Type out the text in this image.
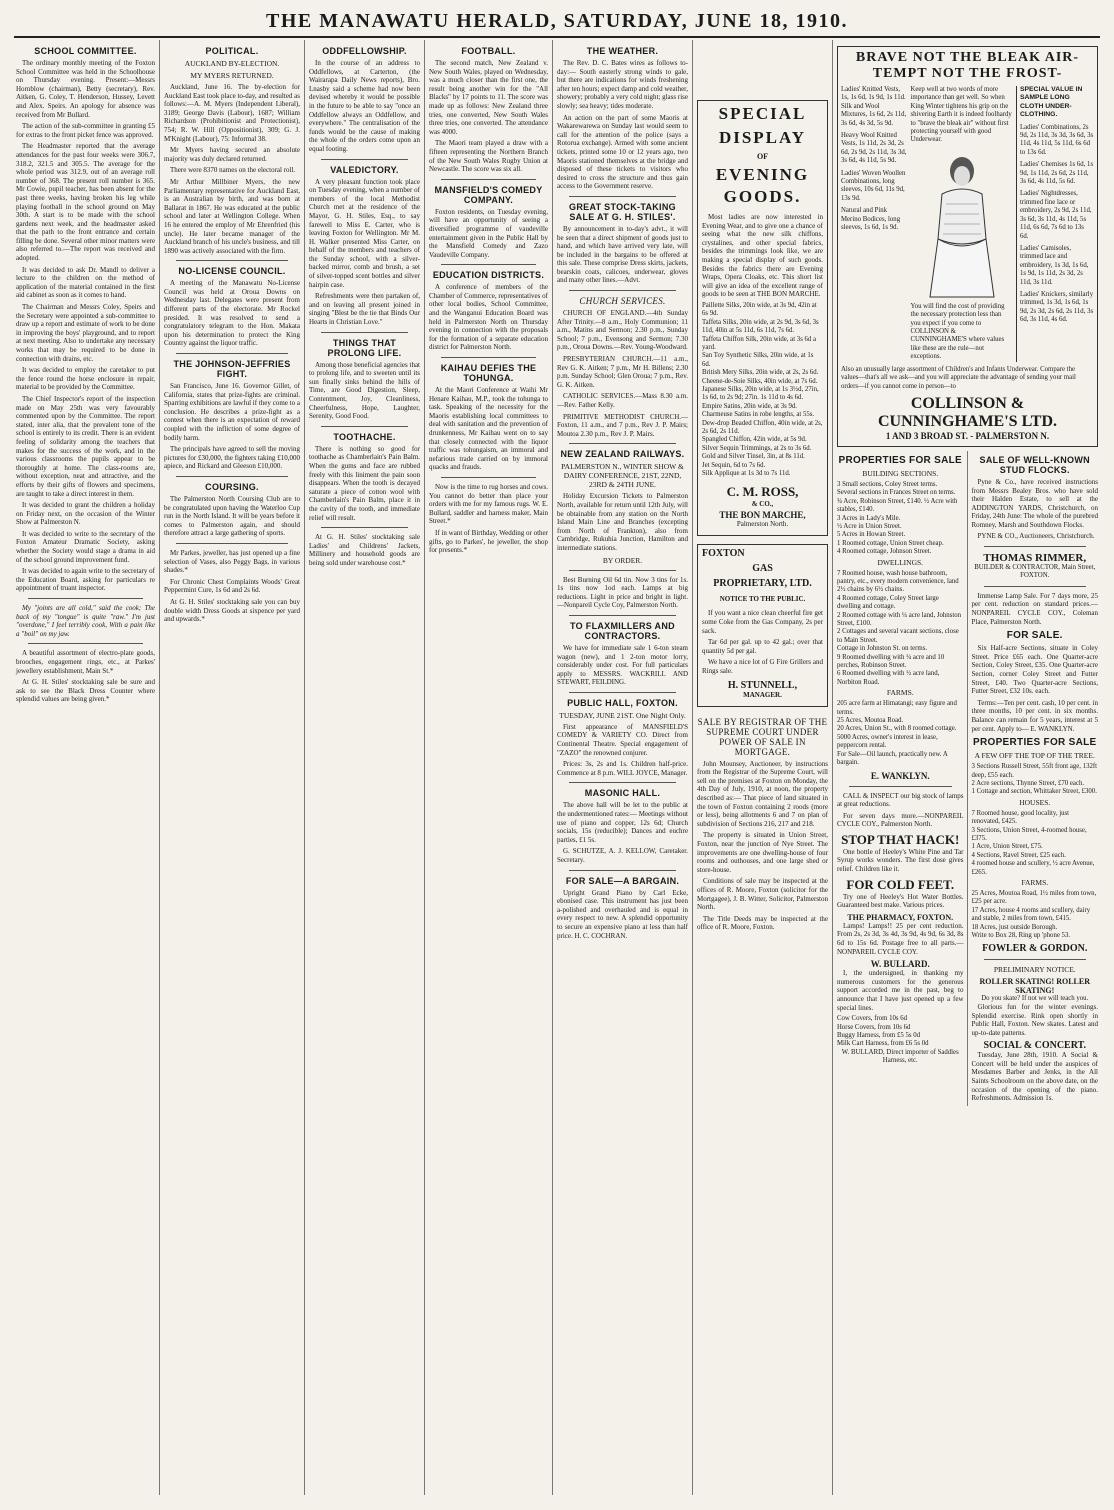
THE MANAWATU HERALD, SATURDAY, JUNE 18, 1910.
SCHOOL COMMITTEE.
The ordinary monthly meeting of the Foxton School Committee was held in the Schoolhouse on Thursday evening. Present:—Messrs Hornblow (chairman), Betty (secretary), Rev. Aitken, G. Coley, T. Henderson, Hussey, Levett and Alex. Speirs. An apology for absence was received from Mr Bullard.
The action of the sub-committee in granting £5 for extras to the front picket fence was approved.
The Headmaster reported that the average attendances for the past four weeks were 306.7, 318.2, 321.5 and 305.5. The average for the whole period was 312.9, out of an average roll number of 368. The present roll number is 365. Mr Cowie, pupil teacher, has been absent for the past three weeks, having broken his leg while playing football in the school ground on May 30th. A start is to be made with the school gardens next week, and the headmaster asked that the path to the front entrance and certain filling be done. Several other minor matters were also referred to.—The report was received and adopted.
It was decided to ask Dr. Mandl to deliver a lecture to the children on the method of application of the material contained in the first aid cabinet as soon as it comes to hand.
The Chairman and Messrs Coley, Speirs and the Secretary were appointed a sub-committee to draw up a report and estimate of work to be done in improving the boys' playground, and to report at next meeting. Also to undertake any necessary works that may be required to be done in connection with drains, etc.
It was decided to employ the caretaker to put the fence round the horse enclosure in repair, material to be provided by the Committee.
The Chief Inspector's report of the inspection made on May 25th was very favourably commented upon by the Committee. The report stated, inter alia, that the prevalent tone of the school is entirely to its credit. There is an evident feeling of solidarity among the teachers that makes for the success of the work, and in the various classrooms the pupils appear to be thoroughly at home. The class-rooms are, without exception, neat and attractive, and the efforts by their gifts of flowers and specimens, are taught to take a direct interest in them.
It was decided to grant the children a holiday on Friday next, on the occasion of the Winter Show at Palmerston N.
It was decided to write to the secretary of the Foxton Amateur Dramatic Society, asking whether the Society would stage a drama in aid of the school ground improvement fund.
It was decided to again write to the secretary of the Education Board, asking for particulars re appointment of truant inspector.
My "joints are all cold," said the cook; The back of my "tongue" is quite "raw." I'm just "overdone," I feel terribly cook, With a pain like a "boil" on my jaw.
A beautiful assortment of electro-plate goods, brooches, engagement rings, etc., at Parkes' jewellery establishment, Main St.*
At G. H. Stiles' stocktaking sale be sure and ask to see the Black Dress Counter where splendid values are being given.*
POLITICAL.
AUCKLAND BY-ELECTION.
MY MYERS RETURNED.
Auckland, June 16. The by-election for Auckland East took place to-day, and resulted as follows:—A. M. Myers (Independent Liberal), 3189; George Davis (Labour), 1687; William Richardson (Prohibitionist and Protectionist), 754; R. W. Hill (Oppositionist), 309; G. J. M'Knight (Labour), 75: Informal 38.
Mr Myers having secured an absolute majority was duly declared returned.
There were 8370 names on the electoral roll.
Mr Arthur Millbiner Myers, the new Parliamentary representative for Auckland East, is an Australian by birth, and was born at Ballarat in 1867. He was educated at the public school and later at Wellington College. When 16 he entered the employ of Mr Ehrenfried (his uncle). He later became manager of the Auckland branch of his uncle's business, and till 1890 was actively associated with the firm.
NO-LICENSE COUNCIL.
A meeting of the Manawatu No-License Council was held at Oroua Downs on Wednesday last. Delegates were present from different parts of the electorate. Mr Rockel presided. It was resolved to send a congratulatory telegram to the Hon. Makata upon his determination to protect the King Country against the liquor traffic.
THE JOHNSON-JEFFRIES FIGHT.
San Francisco, June 16. Governor Gillet, of California, states that prize-fights are criminal. Sparring exhibitions are lawful if they come to a conclusion. He describes a prize-fight as a contest when there is an expectation of reward coupled with the infliction of some degree of bodily harm.
The principals have agreed to sell the moving pictures for £30,000, the fighters taking £10,000 apiece, and Rickard and Gleeson £10,000.
COURSING.
The Palmerston North Coursing Club are to be congratulated upon having the Waterloo Cup run in the North Island. It will be years before it comes to Palmerston again, and should therefore attract a large gathering of sports.
Mr Parkes, jeweller, has just opened up a fine selection of Vases, also Peggy Bags, in various shades.*
For Chronic Chest Complaints Woods' Great Peppermint Cure, 1s 6d and 2s 6d.
At G. H. Stiles' stocktaking sale you can buy double width Dress Goods at sixpence per yard and upwards.*
ODDFELLOWSHIP.
In the course of an address to Oddfellows, at Carterton, (the Wairarapa Daily News reports), Bro. Lnasby said a scheme had now been devised whereby it would be possible in the future to be able to say "once an Oddfellow always an Oddfellow, and everywhere." The centralisation of the funds would be the cause of making the whole of the orders come upon an equal footing.
VALEDICTORY.
A very pleasant function took place on Tuesday evening, when a number of members of the local Methodist Church met at the residence of the Mayor, G. H. Stiles, Esq., to say farewell to Miss E. Carter, who is leaving Foxton for Wellington. Mr M. H. Walker presented Miss Carter, on behalf of the members and teachers of the Sunday school, with a silver-backed mirror, comb and brush, a set of silver-topped scent bottles and silver hairpin case.
Refreshments were then partaken of, and on leaving all present joined in singing "Blest be the tie that Binds Our Hearts in Christian Love."
THINGS THAT PROLONG LIFE.
Among those beneficial agencies that to prolong life, and to sweeten until its sun finally sinks behind the hills of Time, are Good Digestion, Sleep, Contentment, Joy, Cleanliness, Cheerfulness, Hope, Laughter, Serenity, Good Food.
TOOTHACHE.
There is nothing so good for toothache as Chamberlain's Pain Balm. When the gums and face are rubbed freely with this liniment the pain soon disappears. When the tooth is decayed saturate a piece of cotton wool with Chamberlain's Pain Balm, place it in the cavity of the tooth, and immediate relief will result.
At G. H. Stiles' stocktaking sale Ladies' and Childrens' Jackets, Millinery and household goods are being sold under warehouse cost.*
FOOTBALL.
The second match, New Zealand v. New South Wales, played on Wednesday, was a much closer than the first one, the result being another win for the "All Blacks" by 17 points to 11. The score was made up as follows: New Zealand three tries, one converted, New South Wales three tries, one converted. The attendance was 4000.
The Maori team played a draw with a fifteen representing the Northern Branch of the New South Wales Rugby Union at Newcastle. The score was six all.
MANSFIELD'S COMEDY COMPANY.
Foxton residents, on Tuesday evening, will have an opportunity of seeing a diversified programme of vaudeville entertainment given in the Public Hall by the Mansfield Comedy and Zazo Vaudeville Company.
EDUCATION DISTRICTS.
A conference of members of the Chamber of Commerce, representatives of other local bodies, School Committee, and the Wanganui Education Board was held in Palmerston North on Thursday evening in connection with the proposals for the formation of a separate education district for Palmerston North.
KAIHAU DEFIES THE TOHUNGA.
At the Maori Conference at Waihi Mr Henare Kaihau, M.P., took the tohunga to task. Speaking of the necessity for the Maoris establishing local committees to deal with sanitation and the prevention of drunkenness, Mr Kaihau went on to say that closely connected with the liquor traffic was tohungaism, an immoral and nefarious trade carried on by immoral quacks and frauds.
Now is the time to rug horses and cows. You cannot do better than place your orders with me for my famous rugs. W. E. Bullard, saddler and harness maker, Main Street.*
If in want of Birthday, Wedding or other gifts, go to Parkes', he jeweller, the shop for presents.*
THE WEATHER.
The Rev. D. C. Bates wires as follows to-day:— South easterly strong winds to gale, but there are indications for winds freshening after ten hours; expect damp and cold weather, showery; probably a very cold night; glass rise slowly; sea heavy; tides moderate.
An action on the part of some Maoris at Wakarewarewa on Sunday last would seem to call for the attention of the police (says a Rotorua exchange). Armed with some ancient tickets, printed some 10 or 12 years ago, two Maoris stationed themselves at the bridge and disposed of these tickets to visitors who desired to cross the structure and thus gain access to the Government reserve.
GREAT STOCK-TAKING SALE AT G. H. STILES'.
By announcement in to-day's advt., it will be seen that a direct shipment of goods just to hand, and which have arrived very late, will be included in the bargains to be offered at this sale. These comprise Dress skirts, jackets, bearskin coats, calicoes, underwear, gloves and many other lines.—Advt.
CHURCH SERVICES.
CHURCH OF ENGLAND.—4th Sunday After Trinity.—8 a.m., Holy Communion; 11 a.m., Matins and Sermon; 2.30 p.m., Sunday School; 7 p.m., Evensong and Sermon; 7.30 p.m., Oroua Downs.—Rev. Young-Woodward.
PRESBYTERIAN CHURCH.—11 a.m., Rev G. K. Aitken; 7 p.m., Mr H. Billens; 2.30 p.m. Sunday School; Glen Oroua; 7 p.m., Rev. G. K. Aitken.
CATHOLIC SERVICES.—Mass 8.30 a.m.—Rev. Father Kelly.
PRIMITIVE METHODIST CHURCH.—Foxton, 11 a.m., and 7 p.m., Rev J. P. Mairs; Moutoa 2.30 p.m., Rev J. P. Mairs.
NEW ZEALAND RAILWAYS.
PALMERSTON N., WINTER SHOW & DAIRY CONFERENCE, 21ST, 22ND, 23RD & 24TH JUNE.
Holiday Excursion Tickets to Palmerston North, available for return until 12th July, will be obtainable from any station on the North Island Main Line and Branches (excepting from North of Frankton), also from Cambridge, Rukuhia Junction, Hamilton and intermediate stations.
BY ORDER.
Best Burning Oil 6d tin. Now 3 tins for 1s. 1s tins now 1od each. Lamps at big reductions. Light in price and bright in light.—Nonpareil Cycle Coy, Palmerston North.
TO FLAXMILLERS AND CONTRACTORS.
We have for immediate sale 1 6-ton steam wagon (new), and 1 2-ton motor lorry, considerably under cost. For full particulars apply to MESSRS. WACKRILL AND STEWART, FEILDING.
PUBLIC HALL, FOXTON.
TUESDAY, JUNE 21ST. One Night Only.
First appearance of MANSFIELD'S COMEDY & VARIETY CO. Direct from Continental Theatre. Special engagement of "ZAZO" the renowned conjurer.
Prices: 3s, 2s and 1s. Children half-price. Commence at 8 p.m. WILL JOYCE, Manager.
MASONIC HALL.
The above hall will be let to the public at the undermentioned rates:— Meetings without use of piano and copper, 12s 6d; Church socials, 15s (reducible); Dances and euchre parties, £1 5s.
G. SCHUTZE, A. J. KELLOW, Caretaker. Secretary.
FOR SALE—A BARGAIN.
Upright Grand Piano by Carl Ecke, ebonised case. This instrument has just been a-polished and overhauled and is equal in every respect to new. A splendid opportunity to secure an expensive piano at less than half price. H. C. COCHRAN.
SPECIAL
DISPLAY
OF
EVENING
GOODS.
Most ladies are now interested in Evening Wear, and to give one a chance of seeing what the new silk chiffons, crystalines, and other special fabrics, besides the trimmings look like, we are making a special display of such goods. Besides the fabrics there are Evening Wraps, Opera Cloaks, etc. This short list will give an idea of the excellent range of goods to be seen at THE BON MARCHE.
Paillette Silks, 20in wide, at 3s 9d, 42in at 6s 9d.
Taffeta Silks, 20in wide, at 2s 9d, 3s 6d, 3s 11d, 40in at 5s 11d, 6s 11d, 7s 6d.
Taffeta Chiffon Silk, 20in wide, at 3s 6d a yard.
San Toy Synthetic Silks, 20in wide, at 1s 6d.
British Mery Silks, 20in wide, at 2s, 2s 6d.
Cheene-de-Soie Silks, 40in wide, at 7s 6d.
Japanese Silks, 20in wide, at 1s 3½d, 27in, 1s 6d, to 2s 9d; 27in. 1s 11d to 4s 6d.
Empire Satins, 20in wide, at 3s 9d.
Charmeuse Satins in robe lengths, at 55s.
Dew-drop Beaded Chiffon, 40in wide, at 2s, 2s 6d, 2s 11d.
Spangled Chiffon, 42in wide, at 5s 9d.
Silver Sequin Trimmings, at 2s to 3s 6d.
Gold and Silver Tinsel, 3in, at 8s 11d.
Jet Sequin, 6d to 7s 6d.
Silk Applique at 1s 3d to 7s 11d.
C. M. ROSS,
& CO.,
THE BON MARCHE,
Palmerston North.
FOXTON
GAS
PROPRIETARY, LTD.
NOTICE TO THE PUBLIC.
If you want a nice clean cheerful fire get some Coke from the Gas Company, 2s per sack.
Tar 6d per gal. up to 42 gal.; over that quantity 5d per gal.
We have a nice lot of G Fire Grillers and Rings sale.
H. STUNNELL,
MANAGER.
SALE BY REGISTRAR OF THE SUPREME COURT UNDER POWER OF SALE IN MORTGAGE.
John Mounsey, Auctioneer, by instructions from the Registrar of the Supreme Court, will sell on the premises at Foxton on Monday, the 4th Day of July, 1910, at noon, the property described as:— That piece of land situated in the town of Foxton containing 2 roods (more or less), being allotments 6 and 7 on plan of subdivision of Sections 216, 217 and 218.
The property is situated in Union Street, Foxton, near the junction of Nye Street. The improvements are one dwelling-house of four rooms and outhouses, and one large shed or store-house.
Conditions of sale may be inspected at the offices of R. Moore, Foxton (solicitor for the Mortgagee), J. B. Witter, Solicitor, Palmerston North.
The Title Deeds may be inspected at the office of R. Moore, Foxton.
BRAVE NOT THE BLEAK AIR-
TEMPT NOT THE FROST-
Ladies' Knitted Vests, 1s, 1s 6d, 1s 9d, 1s 11d. Silk and Wool Mixtures, 1s 6d, 2s 11d, 3s 6d, 4s 3d, 5s 9d.
Heavy Wool Knitted Vests, 1s 11d, 2s 3d, 2s 6d, 2s 9d, 2s 11d, 3s 3d, 3s 6d, 4s 11d, 5s 9d.
Ladies' Woven Woollen Combinations, long sleeves, 10s 6d, 11s 9d, 13s 9d.
Natural and Pink Merino Bodices, long sleeves, 1s 6d, 1s 9d.
Keep well at two words of more importance than get well. So when King Winter tightens his grip on the shivering Earth it is indeed foolhardy to "brave the bleak air" without first protecting yourself with good Underwear.
You will find the cost of providing the necessary protection less than you expect if you come to COLLINSON & CUNNINGHAME'S where values like these are the rule—not exceptions.
SPECIAL VALUE IN SAMPLE LONG CLOTH UNDER-CLOTHING.
Ladies' Combinations, 2s 9d, 2s 11d, 3s 3d, 3s 6d, 3s 11d, 4s 11d, 5s 11d, 6s 6d to 13s 6d.
Ladies' Chemises 1s 6d, 1s 9d, 1s 11d, 2s 6d, 2s 11d, 3s 6d, 4s 11d, 5s 6d.
Ladies' Nightdresses, trimmed fine lace or embroidery, 2s 9d, 2s 11d, 3s 6d, 3s 11d, 4s 11d, 5s 11d, 6s 6d, 7s 6d to 13s 6d.
Ladies' Camisoles, trimmed lace and embroidery, 1s 3d, 1s 6d, 1s 9d, 1s 11d, 2s 3d, 2s 11d, 3s 11d.
Ladies' Knickers, similarly trimmed, 1s 3d, 1s 6d, 1s 9d, 2s 3d, 2s 6d, 2s 11d, 3s 6d, 3s 11d, 4s 6d.
Also an unusually large assortment of Children's and Infants Underwear. Compare the values—that's all we ask—and you will appreciate the advantage of sending your mail orders—if you cannot come in person—to
COLLINSON &
CUNNINGHAME'S LTD.
1 AND 3 BROAD ST. - PALMERSTON N.
PROPERTIES FOR SALE
BUILDING SECTIONS.
3 Small sections, Coley Street terms.
Several sections in Frances Street on terms.
¾ Acre, Robinson Street, £140. ½ Acre with stables, £140.
3 Acres in Lady's Mile.
½ Acre in Union Street.
5 Acres in Howan Street.
1 Roomed cottage, Union Street cheap.
4 Roomed cottage, Johnson Street.
DWELLINGS.
7 Roomed house, wash house bathroom, pantry, etc., every modern convenience, land 2½ chains by 6½ chains.
4 Roomed cottage, Coley Street large dwelling and cottage.
2 Roomed cottage with ¼ acre land, Johnston Street, £100.
2 Cottages and several vacant sections, close to Main Street.
Cottage in Johnston St. on terms.
9 Roomed dwelling with ¼ acre and 10 perches, Robinson Street.
6 Roomed dwelling with ½ acre land, Norbiton Road.
FARMS.
205 acre farm at Himatangi; easy figure and terms.
25 Acres, Moutoa Road.
20 Acres, Union St., with 8 roomed cottage.
5000 Acres, owner's interest in lease, peppercorn rental.
For Sale—Oil launch, practically new. A bargain.
E. WANKLYN.
CALL & INSPECT our big stock of lamps at great reductions.
For seven days more.—NONPAREIL CYCLE COY., Palmerston North.
STOP THAT HACK!
One bottle of Heeley's White Pine and Tar Syrup works wonders. The first dose gives relief. Children like it.
FOR COLD FEET.
Try one of Heeley's Hot Water Bottles. Guaranteed best make. Various prices.
THE PHARMACY, FOXTON.
Lamps! Lamps!! 25 per cent reduction. From 2s, 2s 3d, 3s 4d, 3s 9d, 4s 9d, 6s 3d, 8s 6d to 15s 6d. Postage free to all parts.—NONPAREIL CYCLE COY.
W. BULLARD.
I, the undersigned, in thanking my numerous customers for the generous support accorded me in the past, beg to announce that I have just opened up a few special lines.
Cow Covers, from 10s 6d
Horse Covers, from 10s 6d
Buggy Harness, from £5 5s 0d
Milk Cart Harness, from £6 5s 0d
W. BULLARD, Direct importer of Saddles Harness, etc.
SALE OF WELL-KNOWN STUD FLOCKS.
Pyne & Co., have received instructions from Messrs Bealey Bros. who have sold their Halden Estate, to sell at the ADDINGTON YARDS, Christchurch, on Friday, 24th June: The whole of the purebred Romney, Marsh and Southdown Flocks.
PYNE & CO., Auctioneers, Christchurch.
THOMAS RIMMER,
BUILDER & CONTRACTOR, Main Street, FOXTON.
Immense Lamp Sale. For 7 days more, 25 per cent. reduction on standard prices.—NONPAREIL CYCLE COY., Coleman Place, Palmerston North.
FOR SALE.
Six Half-acre Sections, situate in Coley Street. Price £65 each. One Quarter-acre Section, Coley Street, £35. One Quarter-acre Section, corner Coley Street and Futter Street, £40. Two Quarter-acre Sections, Futter Street, £32 10s. each.
Terms:—Ten per cent. cash, 10 per cent. in three months, 10 per cent. in six months. Balance can remain for 5 years, interest at 5 per cent. Apply to— E. WANKLYN.
PROPERTIES FOR SALE
A FEW OFF THE TOP OF THE TREE.
3 Sections Russell Street, 55ft front age, 132ft deep, £55 each.
2 Acre sections, Thynne Street, £70 each.
1 Cottage and section, Whittaker Street, £300.
HOUSES.
7 Roomed house, good locality, just renovated, £425.
3 Sections, Union Street, 4-roomed house, £375.
1 Acre, Union Street, £75.
4 Sections, Ravel Street, £25 each.
4 roomed house and scullery, ½ acre Avenue, £265.
FARMS.
25 Acres, Moutoa Road, 1½ miles from town, £25 per acre.
17 Acres, house 4 rooms and scullery, dairy and stable, 2 miles from town, £415.
18 Acres, just outside Borough.
Write to Box 28, Ring up 'phone 53.
FOWLER & GORDON.
PRELIMINARY NOTICE.
ROLLER SKATING! ROLLER SKATING!
Do you skate? If not we will teach you.
Glorious fun for the winter evenings. Splendid exercise. Rink open shortly in Public Hall, Foxton. New skates. Latest and up-to-date patterns.
SOCIAL & CONCERT.
Tuesday, June 28th, 1910. A Social & Concert will be held under the auspices of Mesdames Barber and Jenks, in the All Saints Schoolroom on the above date, on the occasion of the opening of the piano. Refreshments. Admission 1s.
